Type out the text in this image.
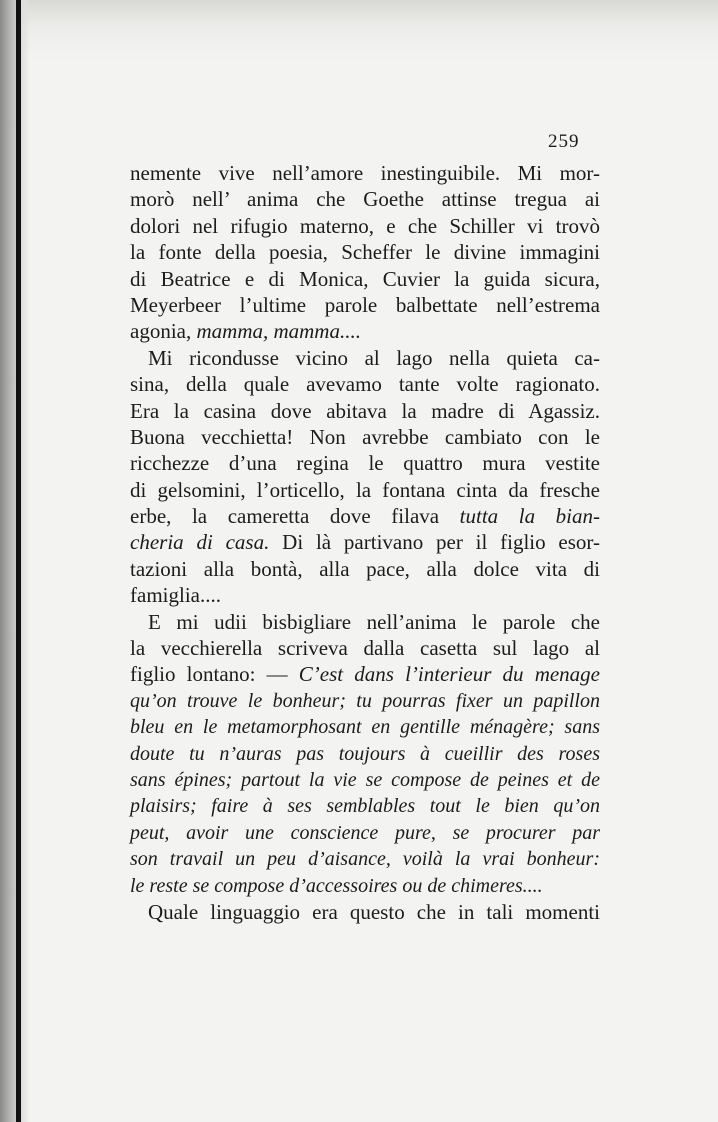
259
nemente vive nell’amore inestinguibile. Mi mor-
morò nell’ anima che Goethe attinse tregua ai
dolori nel rifugio materno, e che Schiller vi trovò
la fonte della poesia, Scheffer le divine immagini
di Beatrice e di Monica, Cuvier la guida sicura,
Meyerbeer l’ultime parole balbettate nell’estrema
agonia, mamma, mamma....
Mi ricondusse vicino al lago nella quieta ca-
sina, della quale avevamo tante volte ragionato.
Era la casina dove abitava la madre di Agassiz.
Buona vecchietta! Non avrebbe cambiato con le
ricchezze d’una regina le quattro mura vestite
di gelsomini, l’orticello, la fontana cinta da fresche
erbe, la cameretta dove filava tutta la bian-
cheria di casa. Di là partivano per il figlio esor-
tazioni alla bontà, alla pace, alla dolce vita di
famiglia....
E mi udii bisbigliare nell’anima le parole che
la vecchierella scriveva dalla casetta sul lago al
figlio lontano: — C’est dans l’interieur du menage
qu’on trouve le bonheur; tu pourras fixer un papillon
bleu en le metamorphosant en gentille ménagère; sans
doute tu n’auras pas toujours à cueillir des roses
sans épines; partout la vie se compose de peines et de
plaisirs; faire à ses semblables tout le bien qu’on
peut, avoir une conscience pure, se procurer par
son travail un peu d’aisance, voilà la vrai bonheur:
le reste se compose d’accessoires ou de chimeres....
Quale linguaggio era questo che in tali momenti
